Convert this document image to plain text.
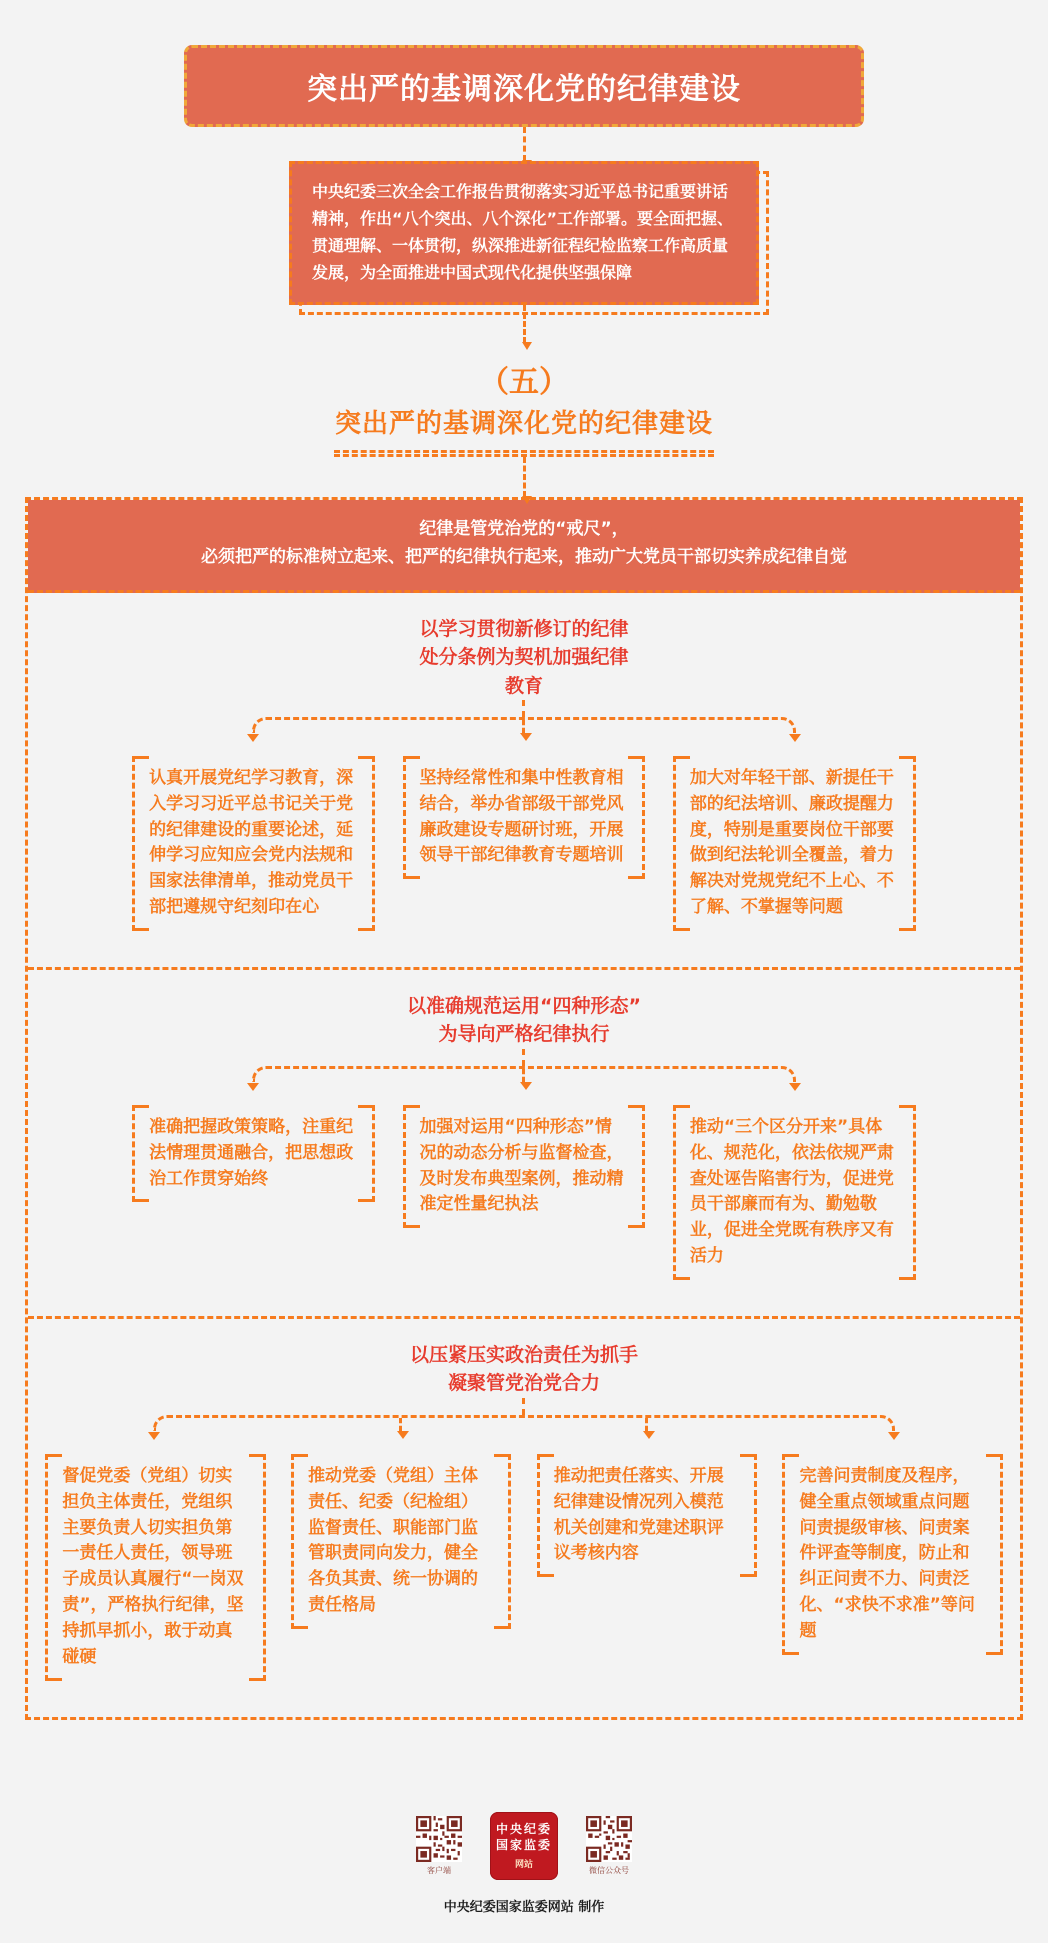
突出严的基调深化党的纪律建设

中央纪委三次全会工作报告贯彻落实习近平总书记重要讲话精神，作出“八个突出、八个深化”工作部署。要全面把握、贯通理解、一体贯彻，纵深推进新征程纪检监察工作高质量发展，为全面推进中国式现代化提供坚强保障

（五）
突出严的基调深化党的纪律建设

纪律是管党治党的“戒尺”，

必须把严的标准树立起来、把严的纪律执行起来，推动广大党员干部切实养成纪律自觉

以学习贯彻新修订的纪律
处分条例为契机加强纪律
教育

认真开展党纪学习教育，深入学习习近平总书记关于党的纪律建设的重要论述，延伸学习应知应会党内法规和国家法律清单，推动党员干部把遵规守纪刻印在心

坚持经常性和集中性教育相结合，举办省部级干部党风廉政建设专题研讨班，开展领导干部纪律教育专题培训

加大对年轻干部、新提任干部的纪法培训、廉政提醒力度，特别是重要岗位干部要做到纪法轮训全覆盖，着力解决对党规党纪不上心、不了解、不掌握等问题

以准确规范运用“四种形态”
为导向严格纪律执行

准确把握政策策略，注重纪法情理贯通融合，把思想政治工作贯穿始终

加强对运用“四种形态”情况的动态分析与监督检查，及时发布典型案例，推动精准定性量纪执法

推动“三个区分开来”具体化、规范化，依法依规严肃查处诬告陷害行为，促进党员干部廉而有为、勤勉敬业，促进全党既有秩序又有活力

以压紧压实政治责任为抓手
凝聚管党治党合力

督促党委（党组）切实担负主体责任，党组织主要负责人切实担负第一责任人责任，领导班子成员认真履行“一岗双责”，严格执行纪律，坚持抓早抓小，敢于动真碰硬

推动党委（党组）主体责任、纪委（纪检组）监督责任、职能部门监管职责同向发力，健全各负其责、统一协调的责任格局

推动把责任落实、开展纪律建设情况列入模范机关创建和党建述职评议考核内容

完善问责制度及程序，健全重点领域重点问题问责提级审核、问责案件评查等制度，防止和纠正问责不力、问责泛化、“求快不求准”等问题

客户端
中央纪委
国家监委
网站	微信公众号
中央纪委国家监委网站 制作
